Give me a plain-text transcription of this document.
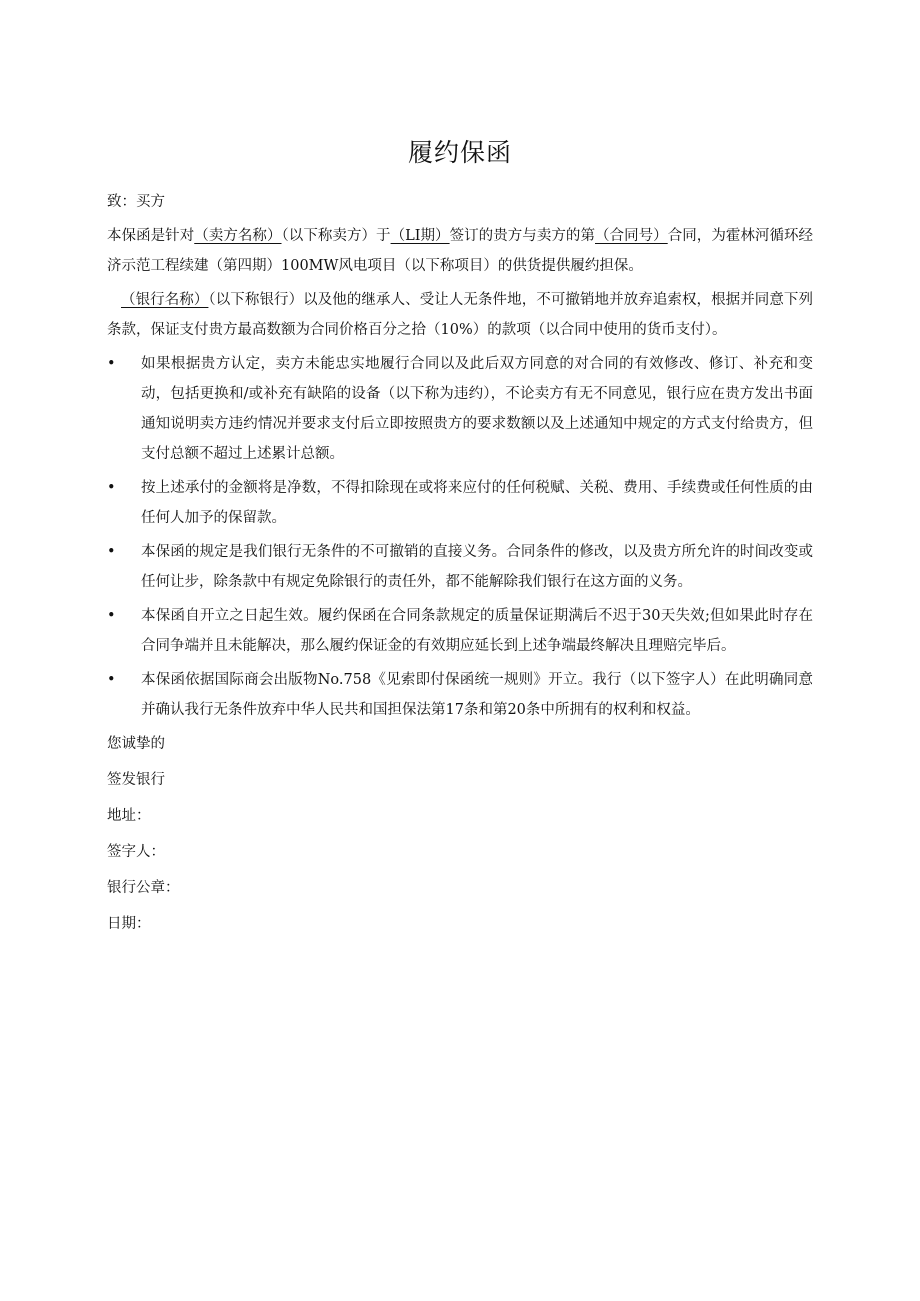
履约保函

致：买方

本保函是针对（卖方名称）（以下称卖方）于（LI期）签订的贵方与卖方的第（合同号）合同，为霍林河循环经济示范工程续建（第四期）100MW风电项目（以下称项目）的供货提供履约担保。

（银行名称）（以下称银行）以及他的继承人、受让人无条件地，不可撤销地并放弃追索权，根据并同意下列条款，保证支付贵方最高数额为合同价格百分之拾（10%）的款项（以合同中使用的货币支付）。

• 如果根据贵方认定，卖方未能忠实地履行合同以及此后双方同意的对合同的有效修改、修订、补充和变动，包括更换和/或补充有缺陷的设备（以下称为违约），不论卖方有无不同意见，银行应在贵方发出书面通知说明卖方违约情况并要求支付后立即按照贵方的要求数额以及上述通知中规定的方式支付给贵方，但支付总额不超过上述累计总额。
• 按上述承付的金额将是净数，不得扣除现在或将来应付的任何税赋、关税、费用、手续费或任何性质的由任何人加予的保留款。
• 本保函的规定是我们银行无条件的不可撤销的直接义务。合同条件的修改，以及贵方所允许的时间改变或任何让步，除条款中有规定免除银行的责任外，都不能解除我们银行在这方面的义务。
• 本保函自开立之日起生效。履约保函在合同条款规定的质量保证期满后不迟于30天失效;但如果此时存在合同争端并且未能解决，那么履约保证金的有效期应延长到上述争端最终解决且理赔完毕后。
• 本保函依据国际商会出版物No.758《见索即付保函统一规则》开立。我行（以下签字人）在此明确同意并确认我行无条件放弃中华人民共和国担保法第17条和第20条中所拥有的权利和权益。

您诚挚的

签发银行

地址：

签字人：

银行公章：

日期：
